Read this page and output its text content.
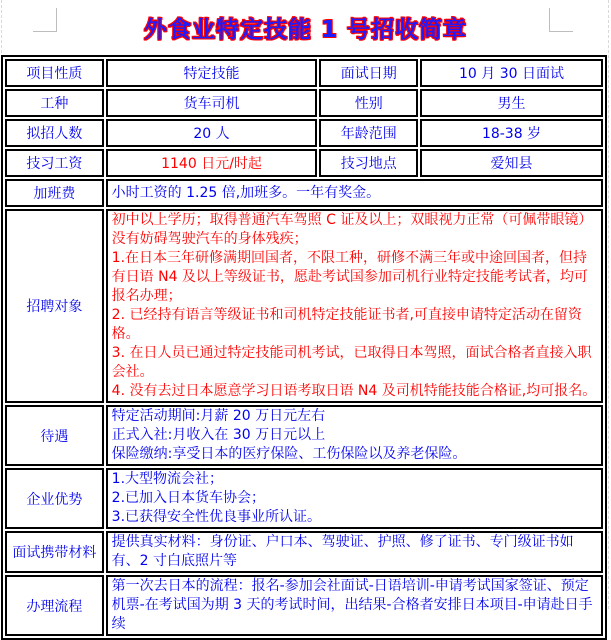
外食业特定技能 1 号招收简章
项目性质	特定技能	面试日期	10 月 30 日面试
工种	货车司机	性别	男生
拟招人数	20 人	年龄范围	18-38 岁
技习工资	1140 日元/时起	技习地点	爱知县
加班费	小时工资的 1.25 倍,加班多。一年有奖金。		

招聘对象	初中以上学历；取得普通汽车驾照 C 证及以上；双眼视力正常（可佩带眼镜）没有妨碍驾驶汽车的身体残疾；
1.在日本三年研修满期回国者，不限工种，研修不满三年或中途回国者，但持有日语 N4 及以上等级证书，愿赴考试国参加司机行业特定技能考试者，均可报名办理；
2. 已经持有语言等级证书和司机特定技能证书者,可直接申请特定活动在留资格。
3. 在日人员已通过特定技能司机考试，已取得日本驾照，面试合格者直接入职会社。
4. 没有去过日本愿意学习日语考取日语 N4 及司机特能技能合格证,均可报名。		

待遇	特定活动期间:月薪 20 万日元左右
正式入社:月收入在 30 万日元以上
保险缴纳:享受日本的医疗保险、工伤保险以及养老保险。		

企业优势	1.大型物流会社；
2.已加入日本货车协会；
3.已获得安全性优良事业所认证。		

面试携带材料	提供真实材料：身份证、户口本、驾驶证、护照、修了证书、专门级证书如有、2 寸白底照片等		

办理流程	第一次去日本的流程：报名-参加会社面试-日语培训-申请考试国家签证、预定机票-在考试国为期 3 天的考试时间，出结果-合格者安排日本项目-申请赴日手续		
